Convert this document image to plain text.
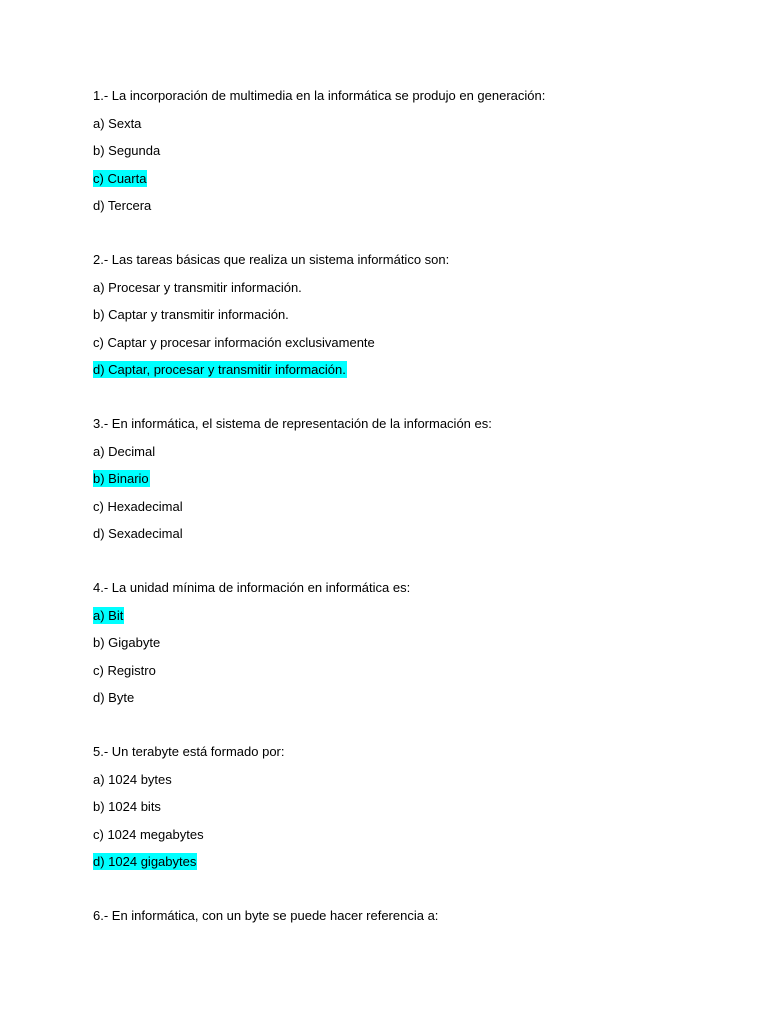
1.- La incorporación de multimedia en la informática se produjo en generación:

a) Sexta
b) Segunda
c) Cuarta
d) Tercera

2.- Las tareas básicas que realiza un sistema informático son:

a) Procesar y transmitir información.
b) Captar y transmitir información.
c) Captar y procesar información exclusivamente
d) Captar, procesar y transmitir información.

3.- En informática, el sistema de representación de la información es:

a) Decimal
b) Binario
c) Hexadecimal
d) Sexadecimal

4.- La unidad mínima de información en informática es:

a) Bit
b) Gigabyte
c) Registro
d) Byte

5.- Un terabyte está formado por:

a) 1024 bytes
b) 1024 bits
c) 1024 megabytes
d) 1024 gigabytes

6.- En informática, con un byte se puede hacer referencia a:
